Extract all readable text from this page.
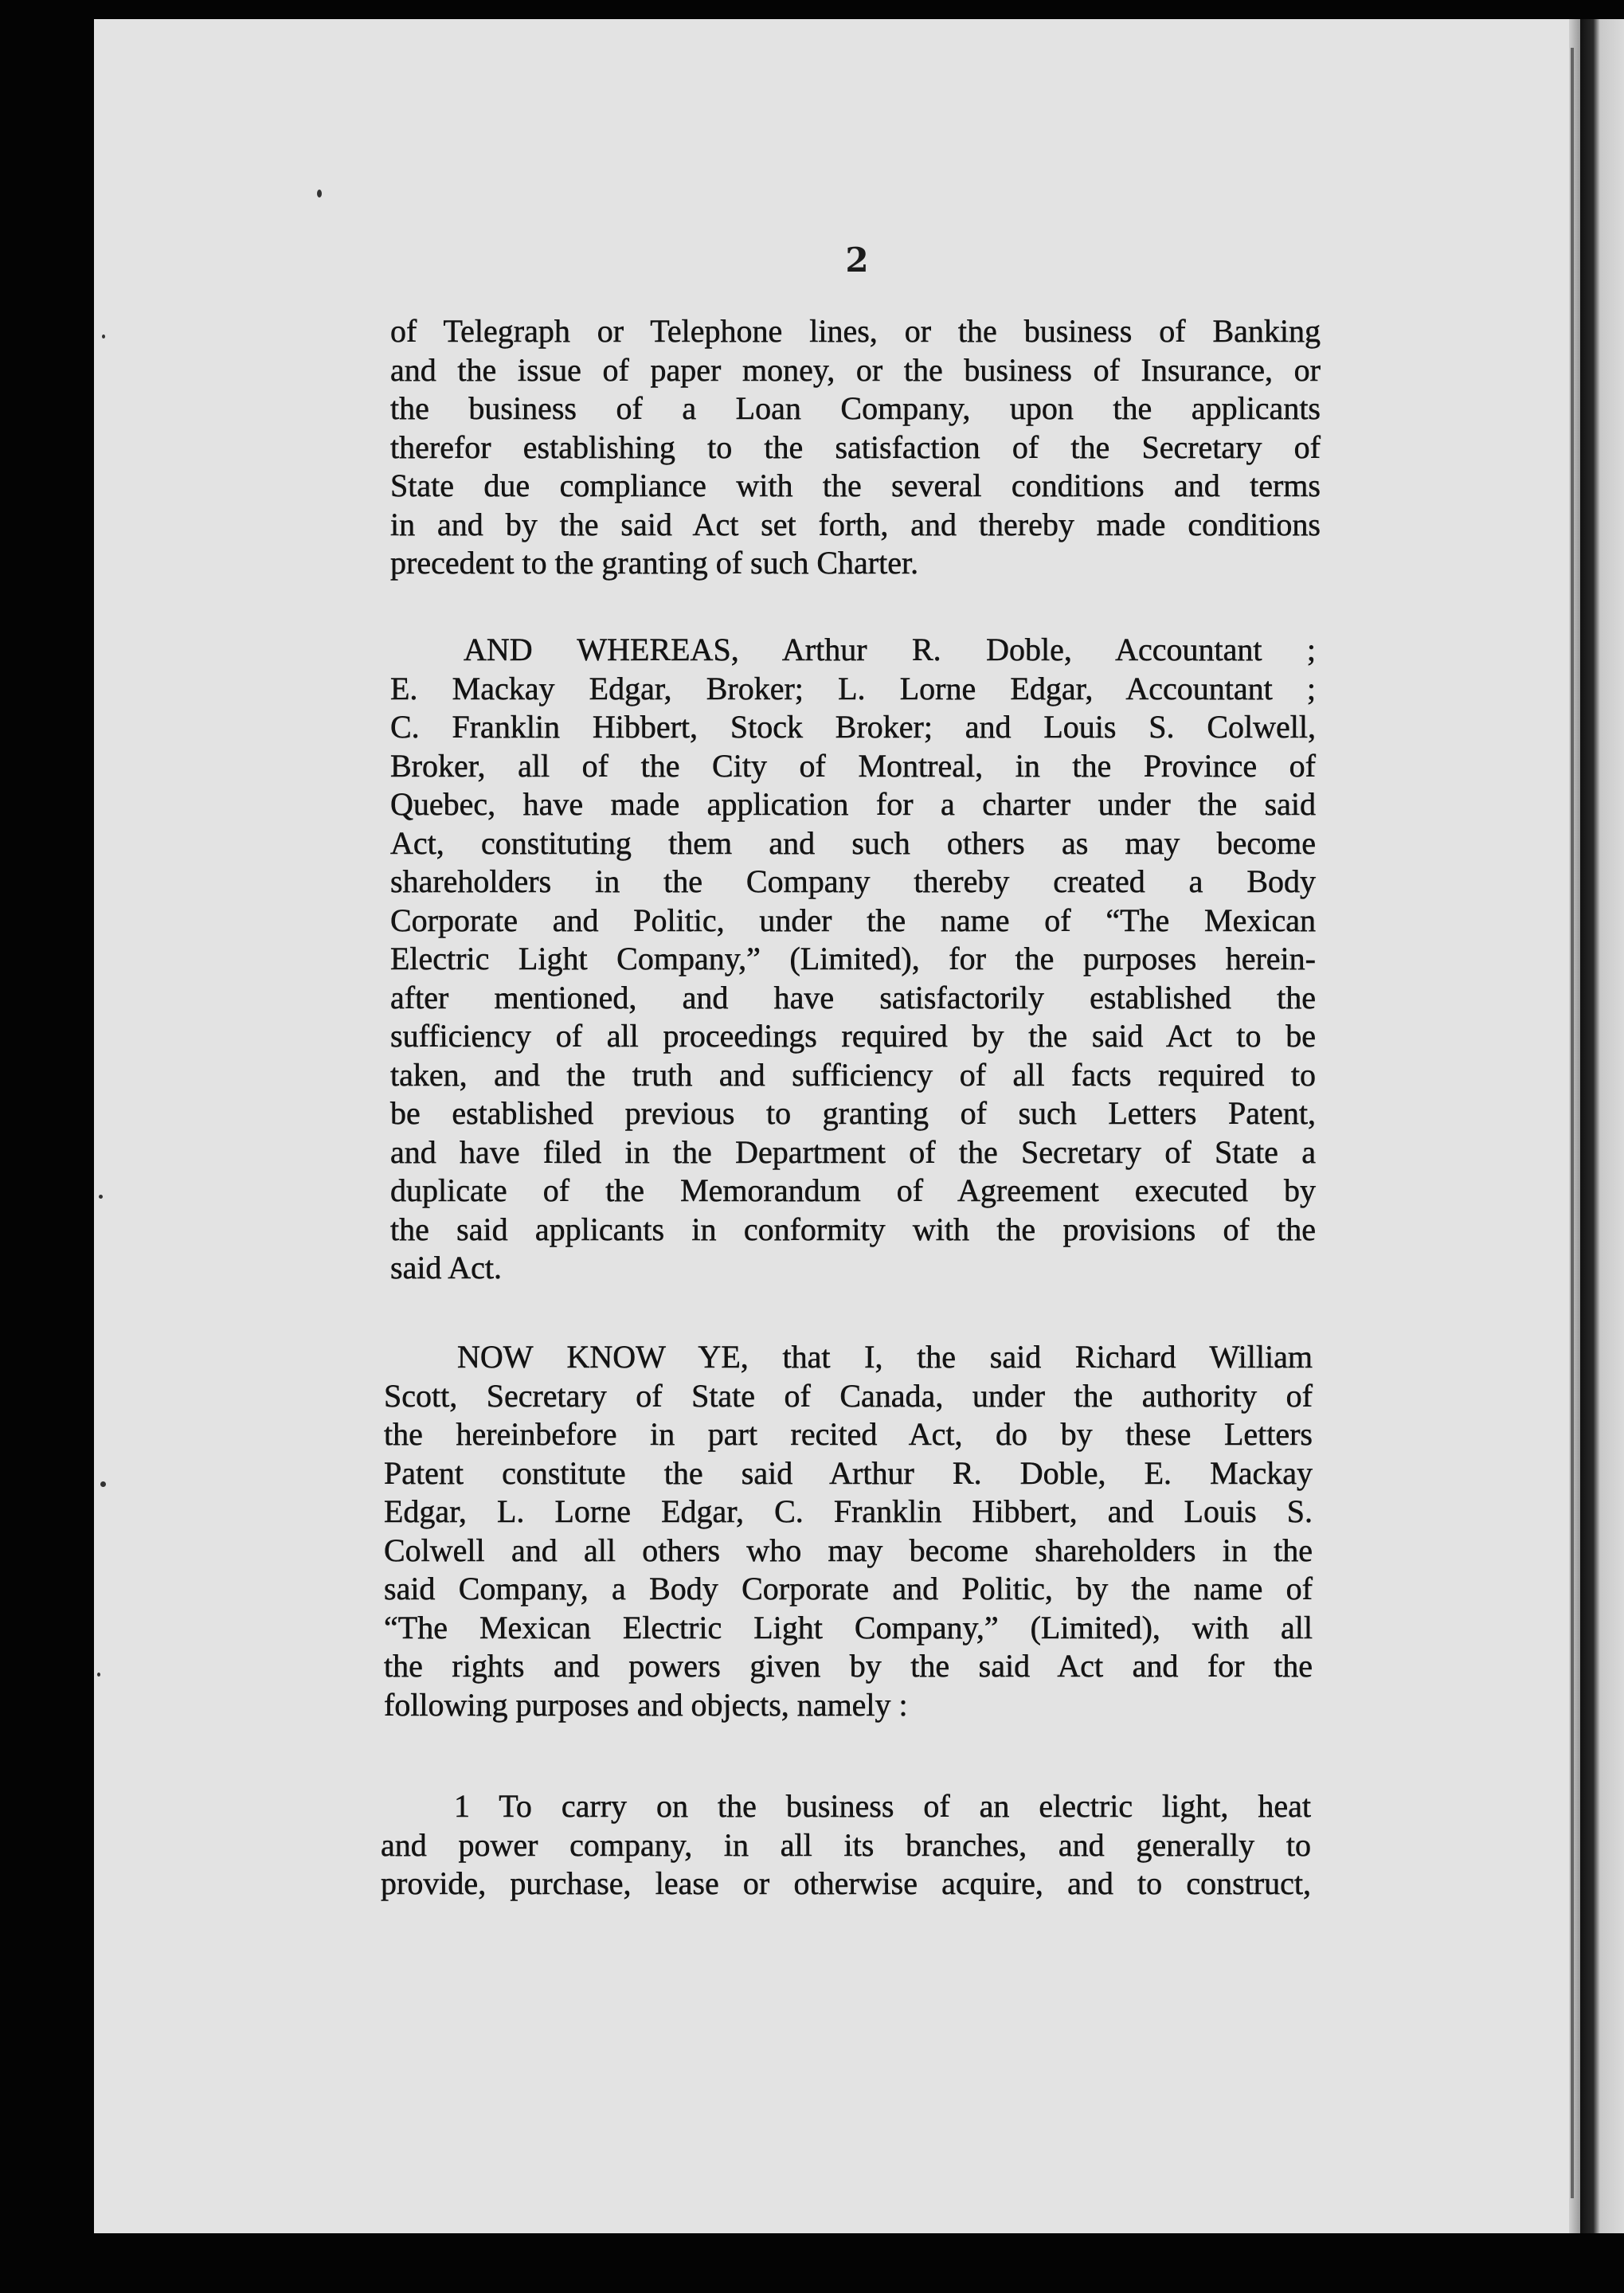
2
of Telegraph or Telephone lines, or the business of Banking
and the issue of paper money, or the business of Insurance, or
the business of a Loan Company, upon the applicants
therefor establishing to the satisfaction of the Secretary of
State due compliance with the several conditions and terms
in and by the said Act set forth, and thereby made conditions
precedent to the granting of such Charter.
AND WHEREAS, Arthur R. Doble, Accountant ;
E. Mackay Edgar, Broker; L. Lorne Edgar, Accountant ;
C. Franklin Hibbert, Stock Broker; and Louis S. Colwell,
Broker, all of the City of Montreal, in the Province of
Quebec, have made application for a charter under the said
Act, constituting them and such others as may become
shareholders in the Company thereby created a Body
Corporate and Politic, under the name of “The Mexican
Electric Light Company,” (Limited), for the purposes herein-
after mentioned, and have satisfactorily established the
sufficiency of all proceedings required by the said Act to be
taken, and the truth and sufficiency of all facts required to
be established previous to granting of such Letters Patent,
and have filed in the Department of the Secretary of State a
duplicate of the Memorandum of Agreement executed by
the said applicants in conformity with the provisions of the
said Act.
NOW KNOW YE, that I, the said Richard William
Scott, Secretary of State of Canada, under the authority of
the hereinbefore in part recited Act, do by these Letters
Patent constitute the said Arthur R. Doble, E. Mackay
Edgar, L. Lorne Edgar, C. Franklin Hibbert, and Louis S.
Colwell and all others who may become shareholders in the
said Company, a Body Corporate and Politic, by the name of
“The Mexican Electric Light Company,” (Limited), with all
the rights and powers given by the said Act and for the
following purposes and objects, namely :
1 To carry on the business of an electric light, heat
and power company, in all its branches, and generally to
provide, purchase, lease or otherwise acquire, and to construct,
